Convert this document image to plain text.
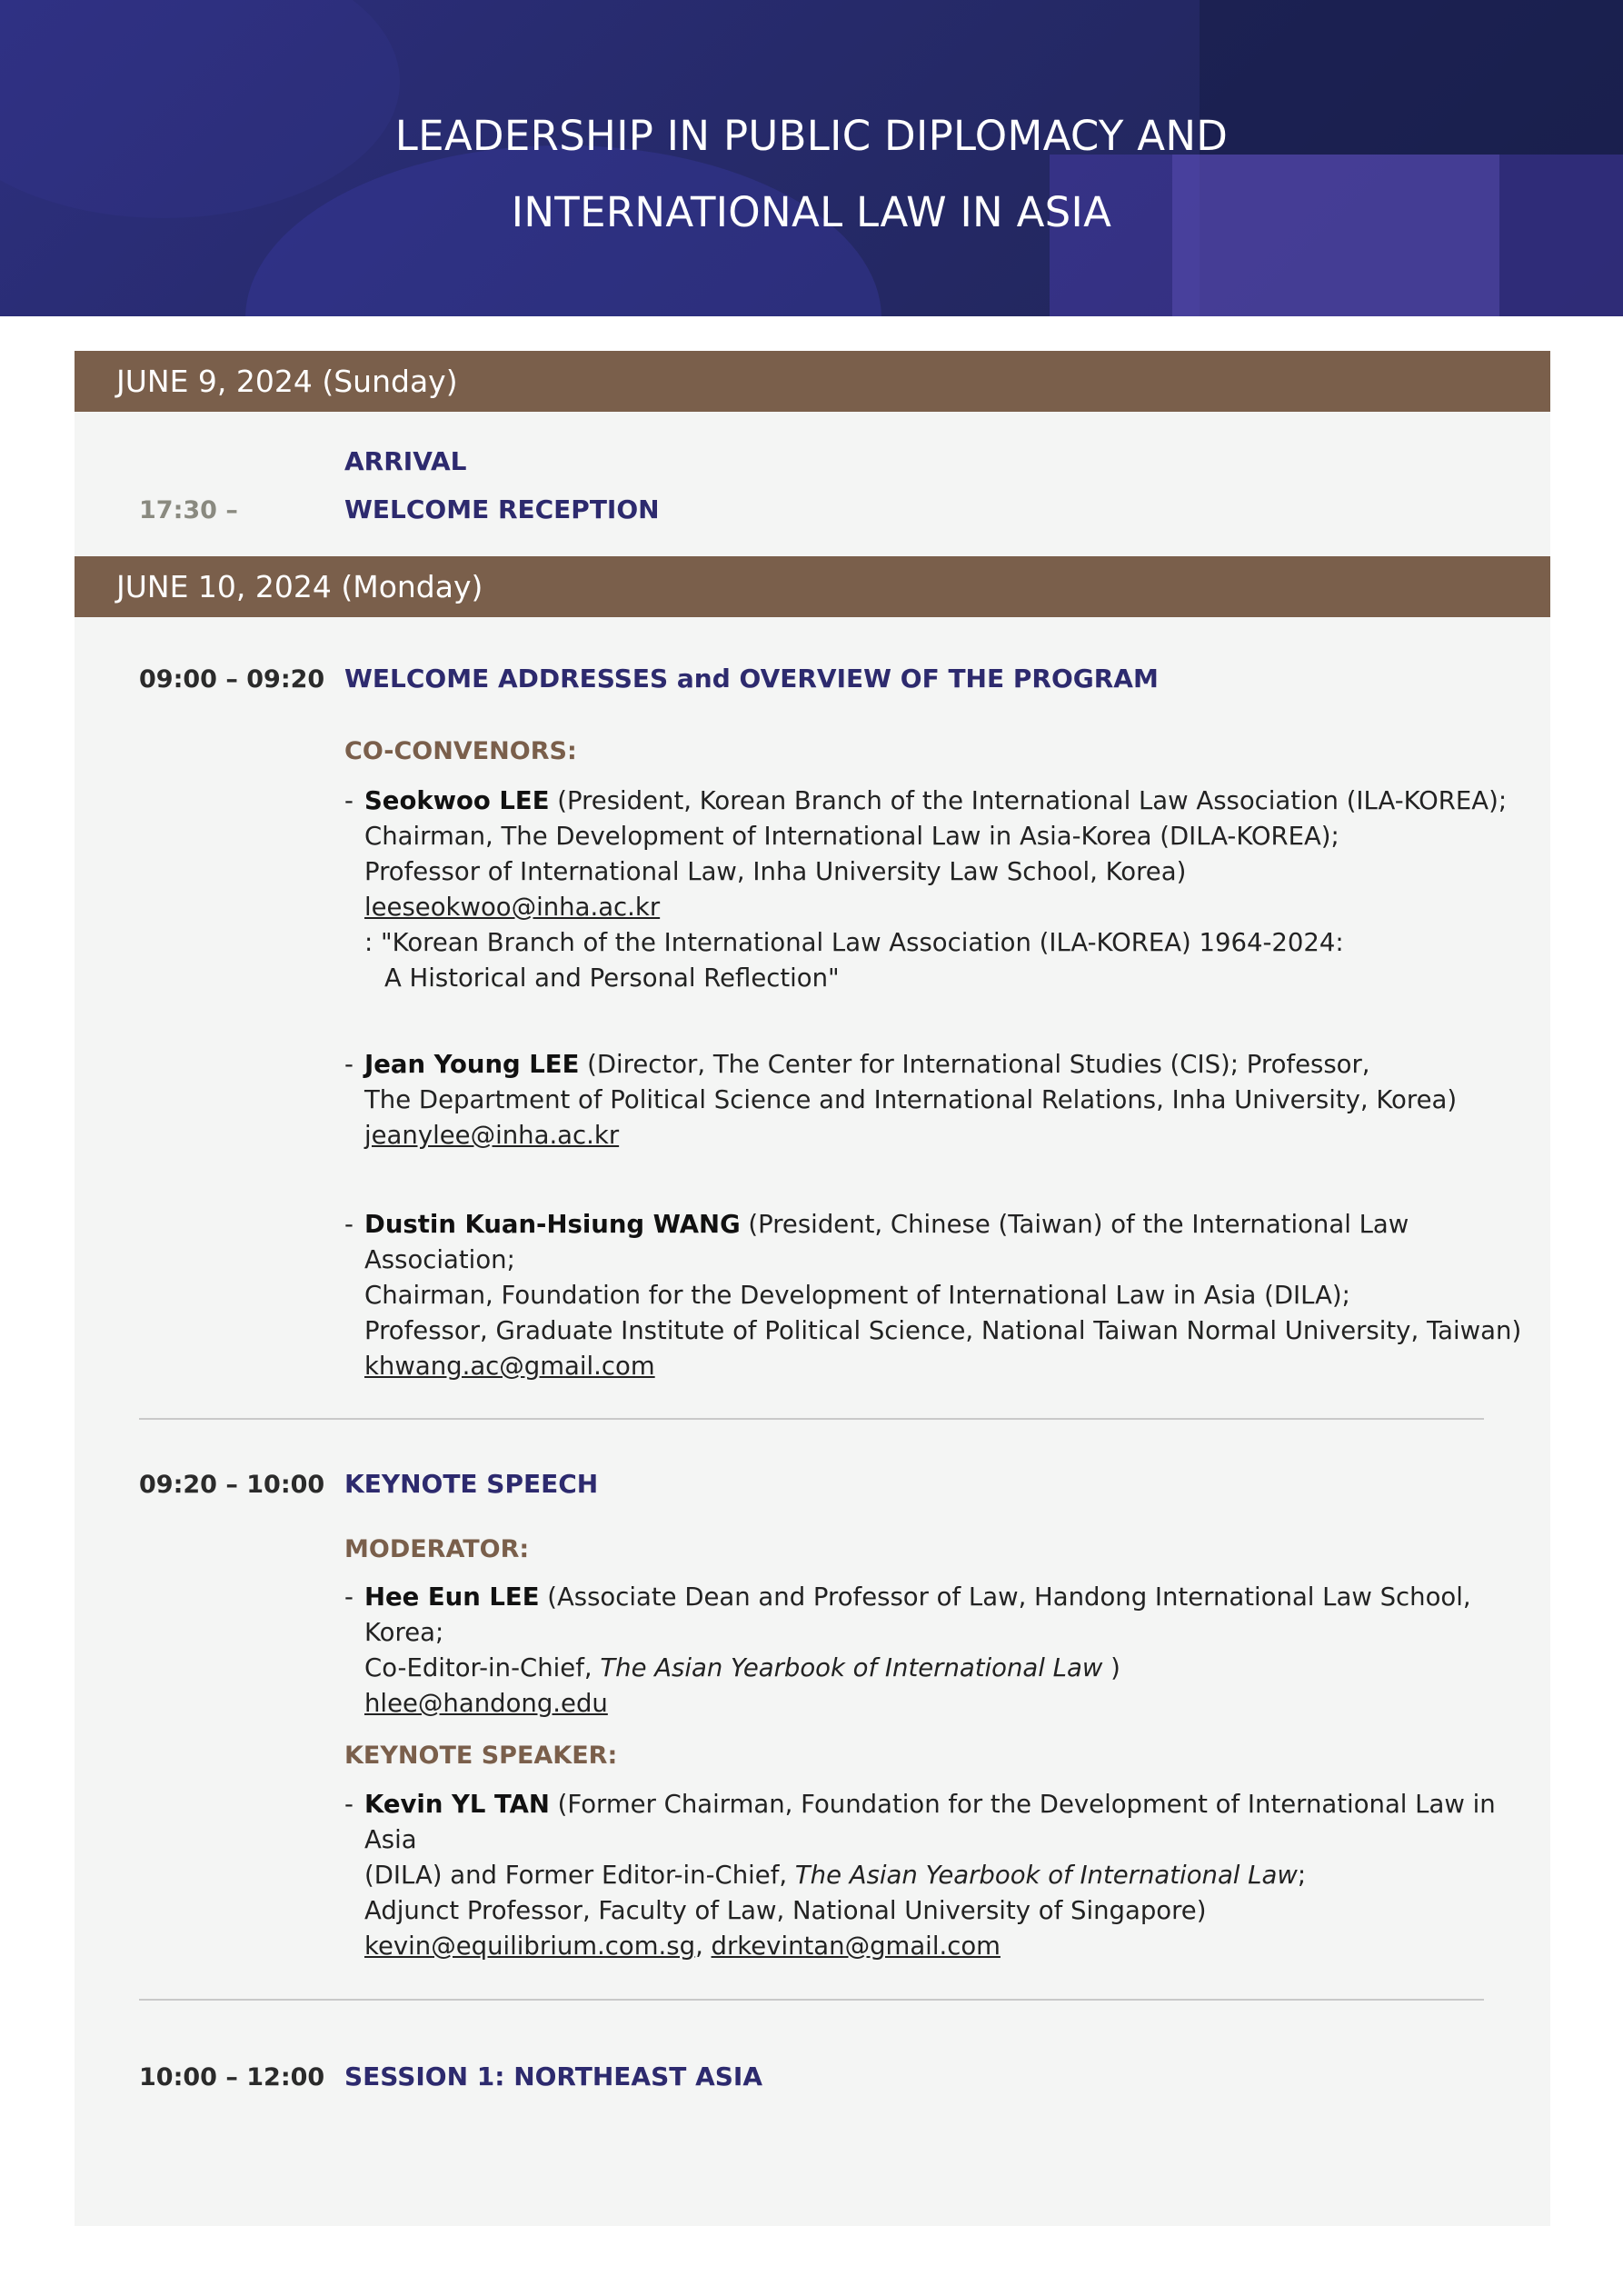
LEADERSHIP IN PUBLIC DIPLOMACY AND
INTERNATIONAL LAW IN ASIA
JUNE 9, 2024 (Sunday)
ARRIVAL
17:30 –	WELCOME RECEPTION
JUNE 10, 2024 (Monday)
09:00 – 09:20 WELCOME ADDRESSES and OVERVIEW OF THE PROGRAM
CO-CONVENORS:
- Seokwoo LEE (President, Korean Branch of the International Law Association (ILA-KOREA);
Chairman, The Development of International Law in Asia-Korea (DILA-KOREA);
Professor of International Law, Inha University Law School, Korea)
leeseokwoo@inha.ac.kr
: "Korean Branch of the International Law Association (ILA-KOREA) 1964-2024:
A Historical and Personal Reflection"
- Jean Young LEE (Director, The Center for International Studies (CIS); Professor,
The Department of Political Science and International Relations, Inha University, Korea)
jeanylee@inha.ac.kr
- Dustin Kuan-Hsiung WANG (President, Chinese (Taiwan) of the International Law Association;
Chairman, Foundation for the Development of International Law in Asia (DILA);
Professor, Graduate Institute of Political Science, National Taiwan Normal University, Taiwan)
khwang.ac@gmail.com
09:20 – 10:00 KEYNOTE SPEECH
MODERATOR:
- Hee Eun LEE (Associate Dean and Professor of Law, Handong International Law School, Korea;
Co-Editor-in-Chief, The Asian Yearbook of International Law )
hlee@handong.edu
KEYNOTE SPEAKER:
- Kevin YL TAN (Former Chairman, Foundation for the Development of International Law in Asia
(DILA) and Former Editor-in-Chief, The Asian Yearbook of International Law;
Adjunct Professor, Faculty of Law, National University of Singapore)
kevin@equilibrium.com.sg, drkevintan@gmail.com
10:00 – 12:00 SESSION 1: NORTHEAST ASIA
